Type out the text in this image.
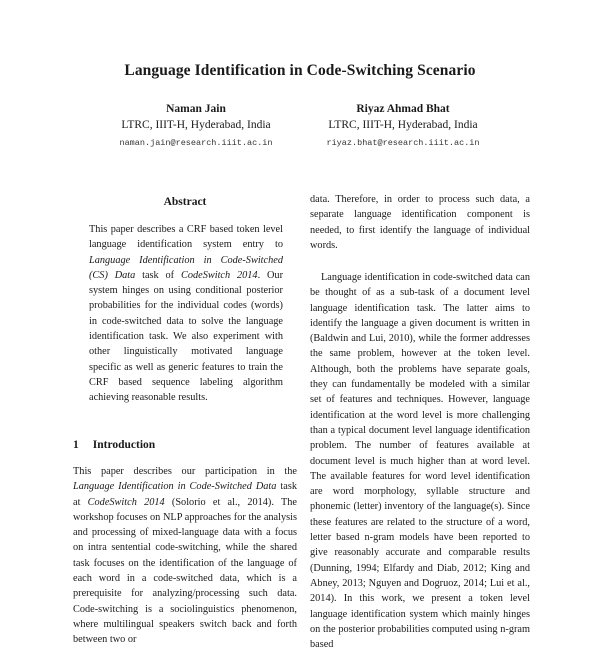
Language Identification in Code-Switching Scenario
Naman Jain
LTRC, IIIT-H, Hyderabad, India
naman.jain@research.iiit.ac.in
Riyaz Ahmad Bhat
LTRC, IIIT-H, Hyderabad, India
riyaz.bhat@research.iiit.ac.in
Abstract

This paper describes a CRF based token level language identification system entry to Language Identification in Code-Switched (CS) Data task of CodeSwitch 2014. Our system hinges on using conditional posterior probabilities for the individual codes (words) in code-switched data to solve the language identification task. We also experiment with other linguistically motivated language specific as well as generic features to train the CRF based sequence labeling algorithm achieving reasonable results.

1 Introduction

This paper describes our participation in the Language Identification in Code-Switched Data task at CodeSwitch 2014 (Solorio et al., 2014). The workshop focuses on NLP approaches for the analysis and processing of mixed-language data with a focus on intra sentential code-switching, while the shared task focuses on the identification of the language of each word in a code-switched data, which is a prerequisite for analyzing/processing such data. Code-switching is a sociolinguistics phenomenon, where multilingual speakers switch back and forth between two or

data. Therefore, in order to process such data, a separate language identification component is needed, to first identify the language of individual words.

Language identification in code-switched data can be thought of as a sub-task of a document level language identification task. The latter aims to identify the language a given document is written in (Baldwin and Lui, 2010), while the former addresses the same problem, however at the token level. Although, both the problems have separate goals, they can fundamentally be modeled with a similar set of features and techniques. However, language identification at the word level is more challenging than a typical document level language identification problem. The number of features available at document level is much higher than at word level. The available features for word level identification are word morphology, syllable structure and phonemic (letter) inventory of the language(s). Since these features are related to the structure of a word, letter based n-gram models have been reported to give reasonably accurate and comparable results (Dunning, 1994; Elfardy and Diab, 2012; King and Abney, 2013; Nguyen and Dogruoz, 2014; Lui et al., 2014). In this work, we present a token level language identification system which mainly hinges on the posterior probabilities computed using n-gram based
